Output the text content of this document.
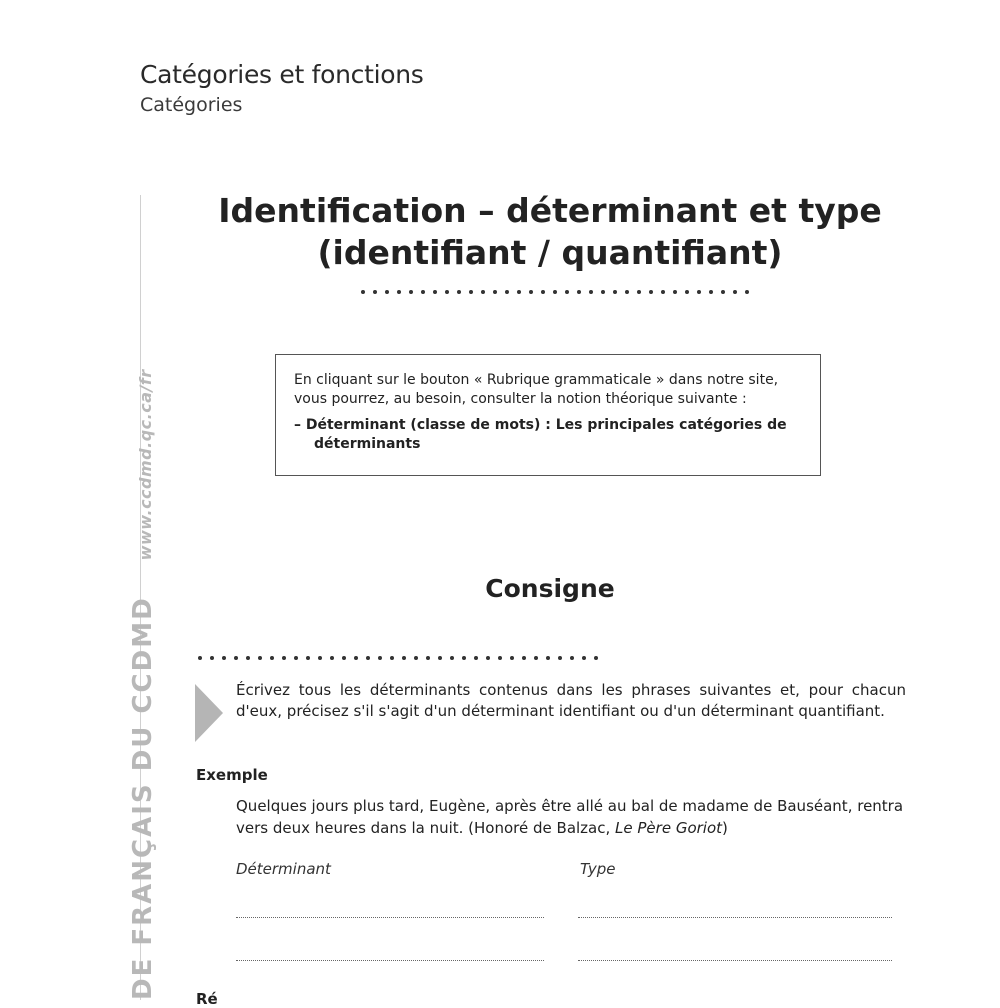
Catégories et fonctions
Catégories
DE FRANÇAIS DU CCDMDwww.ccdmd.qc.ca/fr
Identification – déterminant et type
(identifiant / quantifiant)
En cliquant sur le bouton « Rubrique grammaticale » dans notre site, vous pourrez, au besoin, consulter la notion théorique suivante :
– Déterminant (classe de mots) : Les principales catégories de déterminants
Consigne
Écrivez tous les déterminants contenus dans les phrases suivantes et, pour chacun d'eux, précisez s'il s'agit d'un déterminant identifiant ou d'un déterminant quantifiant.
Exemple
Quelques jours plus tard, Eugène, après être allé au bal de madame de Bauséant, rentra vers deux heures dans la nuit. (Honoré de Balzac, Le Père Goriot)
Déterminant	Type
Ré
